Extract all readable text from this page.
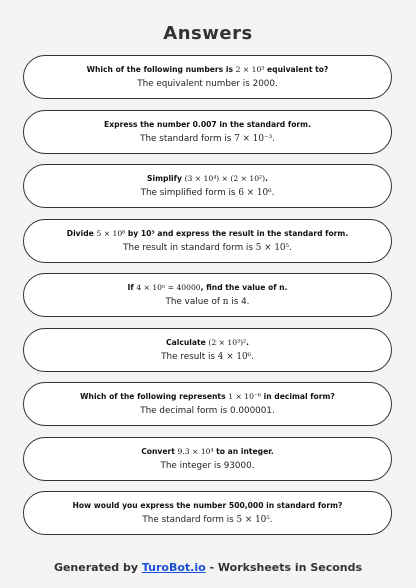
Answers
Which of the following numbers is 2 × 10³ equivalent to?
The equivalent number is 2000.
Express the number 0.007 in the standard form.
The standard form is 7 × 10⁻³.
Simplify (3 × 10⁴) × (2 × 10²).
The simplified form is 6 × 10⁶.
Divide 5 × 10⁸ by 10³ and express the result in the standard form.
The result in standard form is 5 × 10⁵.
If 4 × 10ⁿ = 40000, find the value of n.
The value of n is 4.
Calculate (2 × 10³)².
The result is 4 × 10⁶.
Which of the following represents 1 × 10⁻⁶ in decimal form?
The decimal form is 0.000001.
Convert 9.3 × 10⁴ to an integer.
The integer is 93000.
How would you express the number 500,000 in standard form?
The standard form is 5 × 10⁵.
Generated by TuroBot.io - Worksheets in Seconds
